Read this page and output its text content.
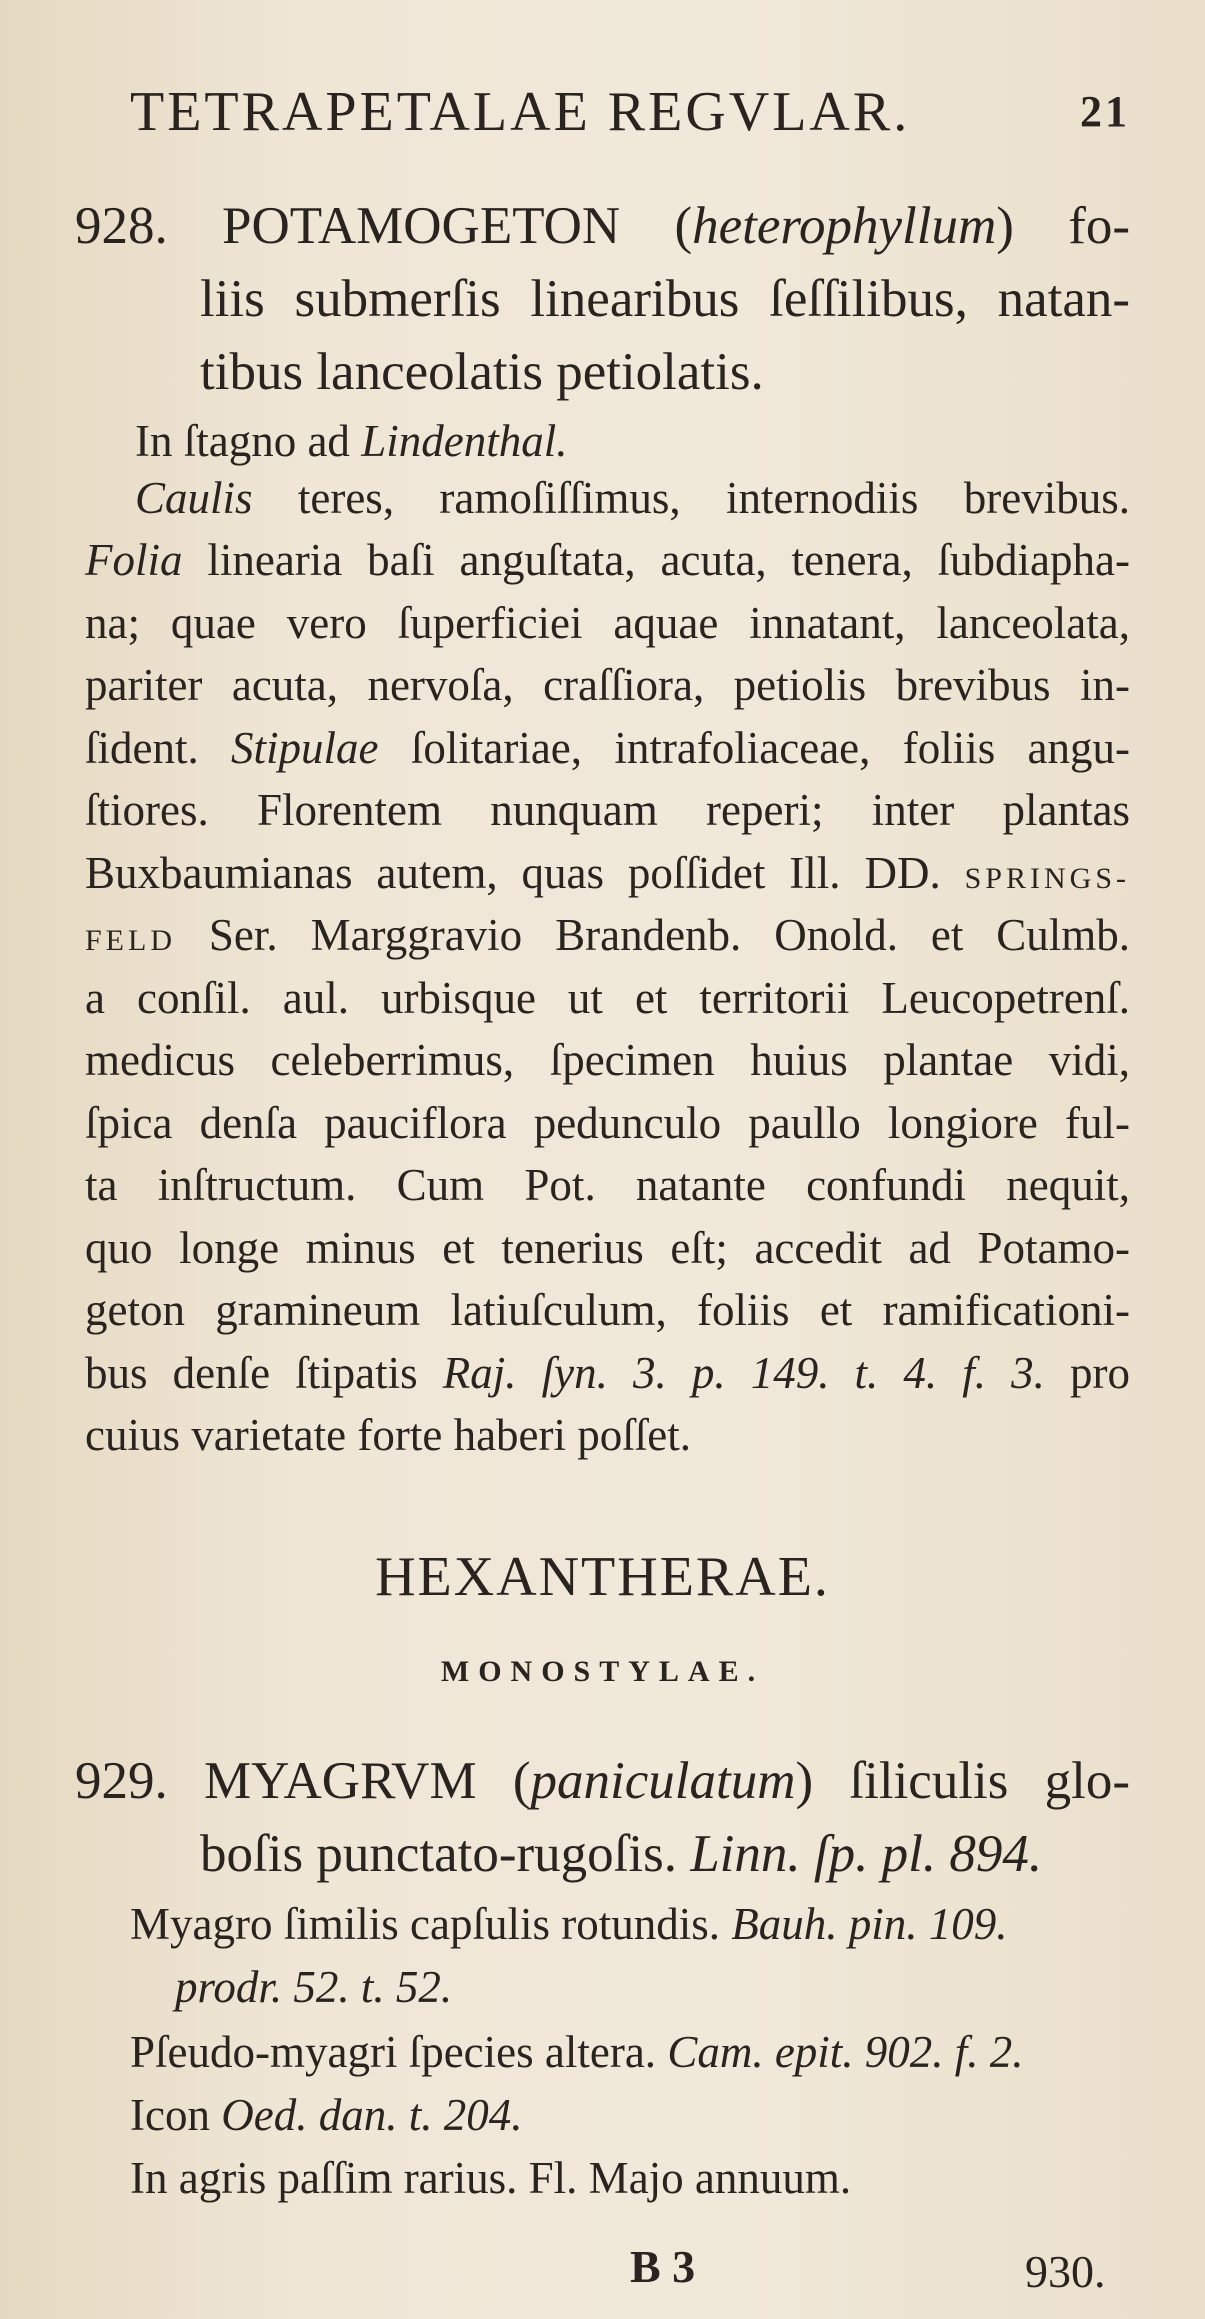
TETRAPETALAE REGVLAR.	21
928. POTAMOGETON (heterophyllum) fo-
liis submerſis linearibus ſeſſilibus, natan-
tibus lanceolatis petiolatis.
In ſtagno ad Lindenthal.
Caulis teres, ramoſiſſimus, internodiis brevibus.
Folia linearia baſi anguſtata, acuta, tenera, ſubdiapha-
na; quae vero ſuperficiei aquae innatant, lanceolata,
pariter acuta, nervoſa, craſſiora, petiolis brevibus in-
ſident. Stipulae ſolitariae, intrafoliaceae, foliis angu-
ſtiores. Florentem nunquam reperi; inter plantas
Buxbaumianas autem, quas poſſidet Ill. DD. SPRINGS-
FELD Ser. Marggravio Brandenb. Onold. et Culmb.
a conſil. aul. urbisque ut et territorii Leucopetrenſ.
medicus celeberrimus, ſpecimen huius plantae vidi,
ſpica denſa pauciflora pedunculo paullo longiore ful-
ta inſtructum. Cum Pot. natante confundi nequit,
quo longe minus et tenerius eſt; accedit ad Potamo-
geton gramineum latiuſculum, foliis et ramificationi-
bus denſe ſtipatis Raj. ſyn. 3. p. 149. t. 4. f. 3. pro
cuius varietate forte haberi poſſet.
HEXANTHERAE.
MONOSTYLAE.
929. MYAGRVM (paniculatum) ſiliculis glo-
boſis punctato-rugoſis. Linn. ſp. pl. 894.
Myagro ſimilis capſulis rotundis. Bauh. pin. 109.
prodr. 52. t. 52.
Pſeudo-myagri ſpecies altera. Cam. epit. 902. f. 2.
Icon Oed. dan. t. 204.
In agris paſſim rarius. Fl. Majo annuum.
B 3	930.
